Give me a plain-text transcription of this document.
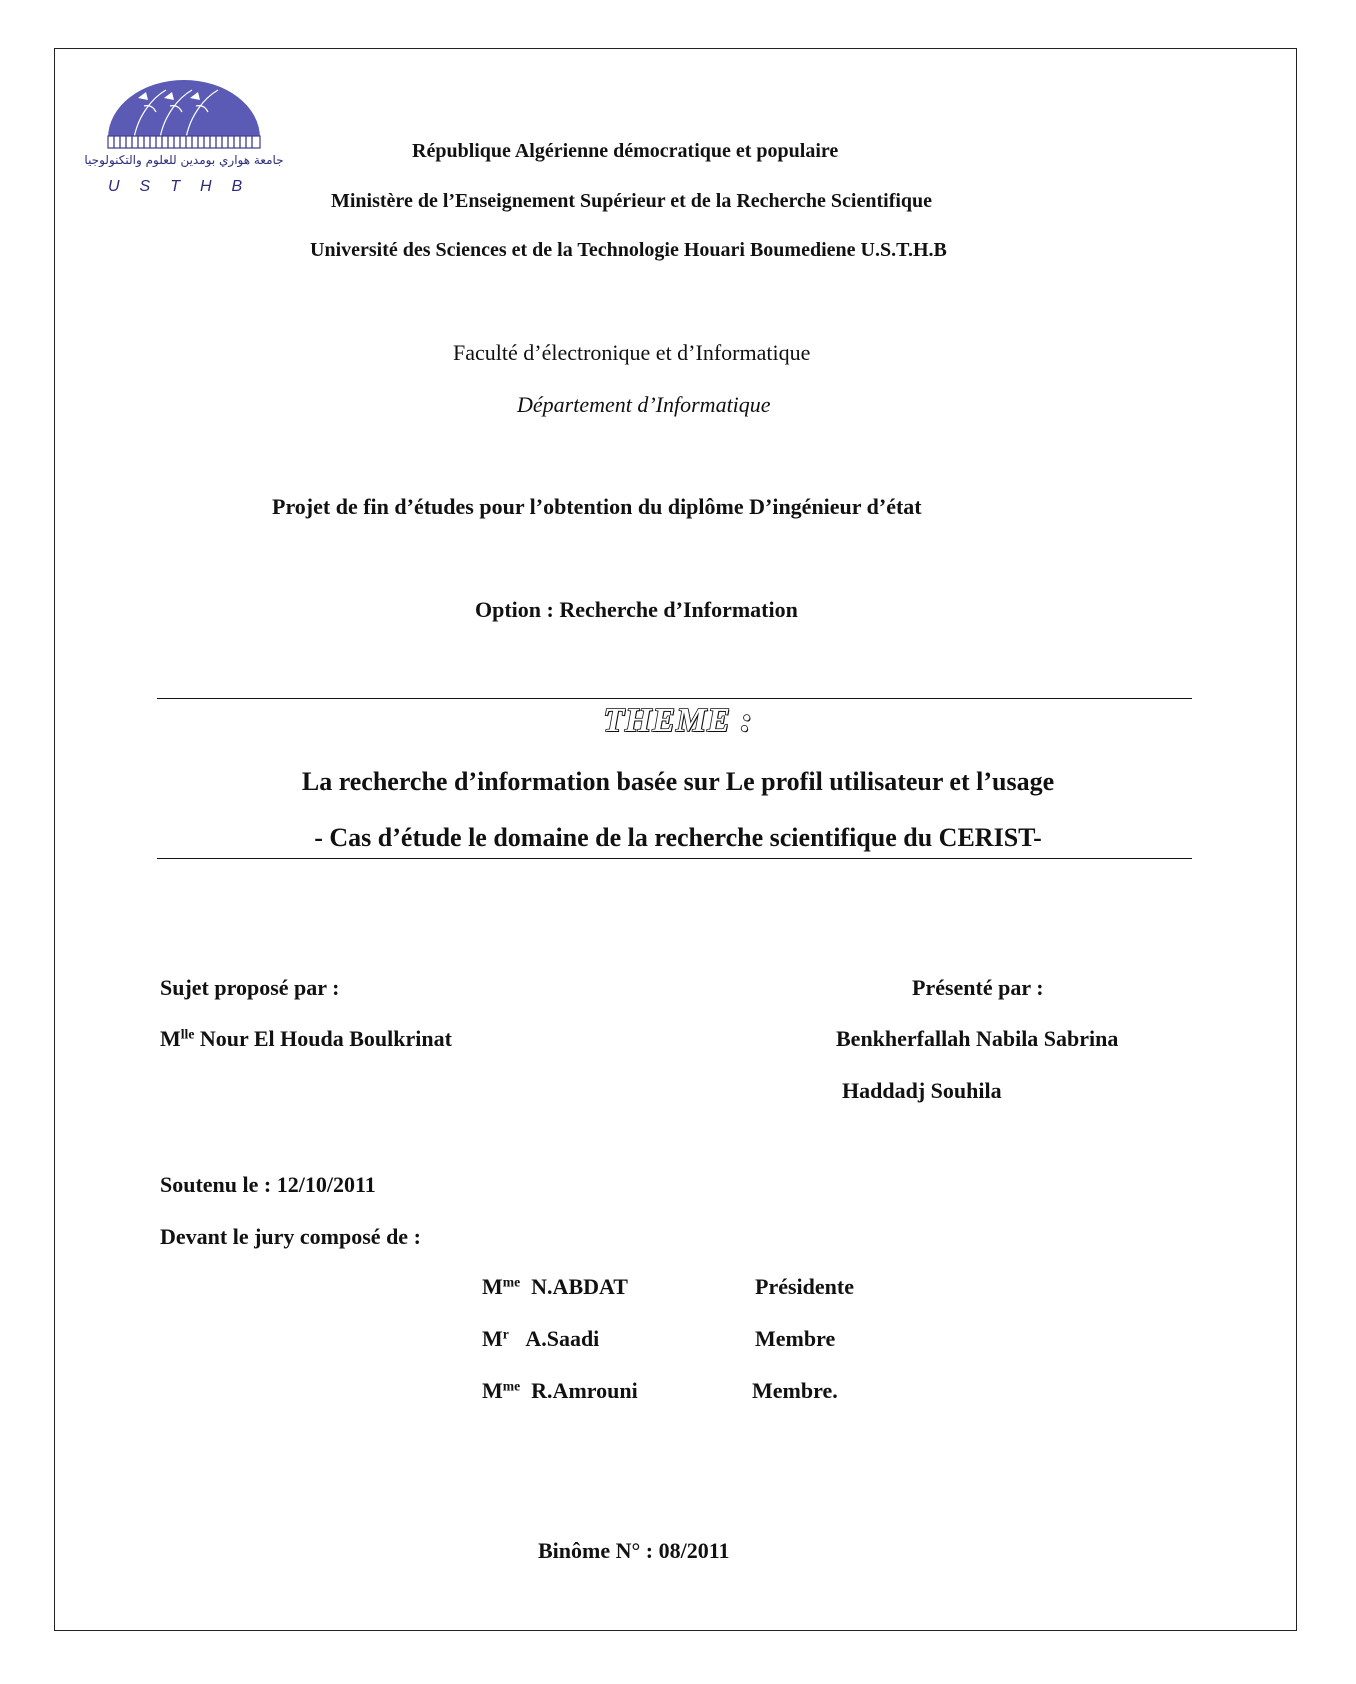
جامعة هواري بومدين للعلوم والتكنولوجيا
USTHB
République Algérienne démocratique et populaire
Ministère de l’Enseignement Supérieur et de la Recherche Scientifique
Université des Sciences et de la Technologie Houari Boumediene U.S.T.H.B
Faculté d’électronique et d’Informatique
Département d’Informatique
Projet de fin d’études pour l’obtention du diplôme D’ingénieur d’état
Option : Recherche d’Information
THEME :
La recherche d’information basée sur Le profil utilisateur et l’usage
- Cas d’étude le domaine de la recherche scientifique du CERIST-
Sujet proposé par :
$M^{lle}$ Nour El Houda Boulkrinat
Présenté par :
Benkherfallah Nabila Sabrina
Haddadj Souhila
Soutenu le : 12/10/2011
Devant le jury composé de :
$M^{me}$ N.ABDAT	Présidente
$M^r$ A.Saadi	Membre
$M^{me}$ R.Amrouni	Membre.
Binôme N° : 08/2011
